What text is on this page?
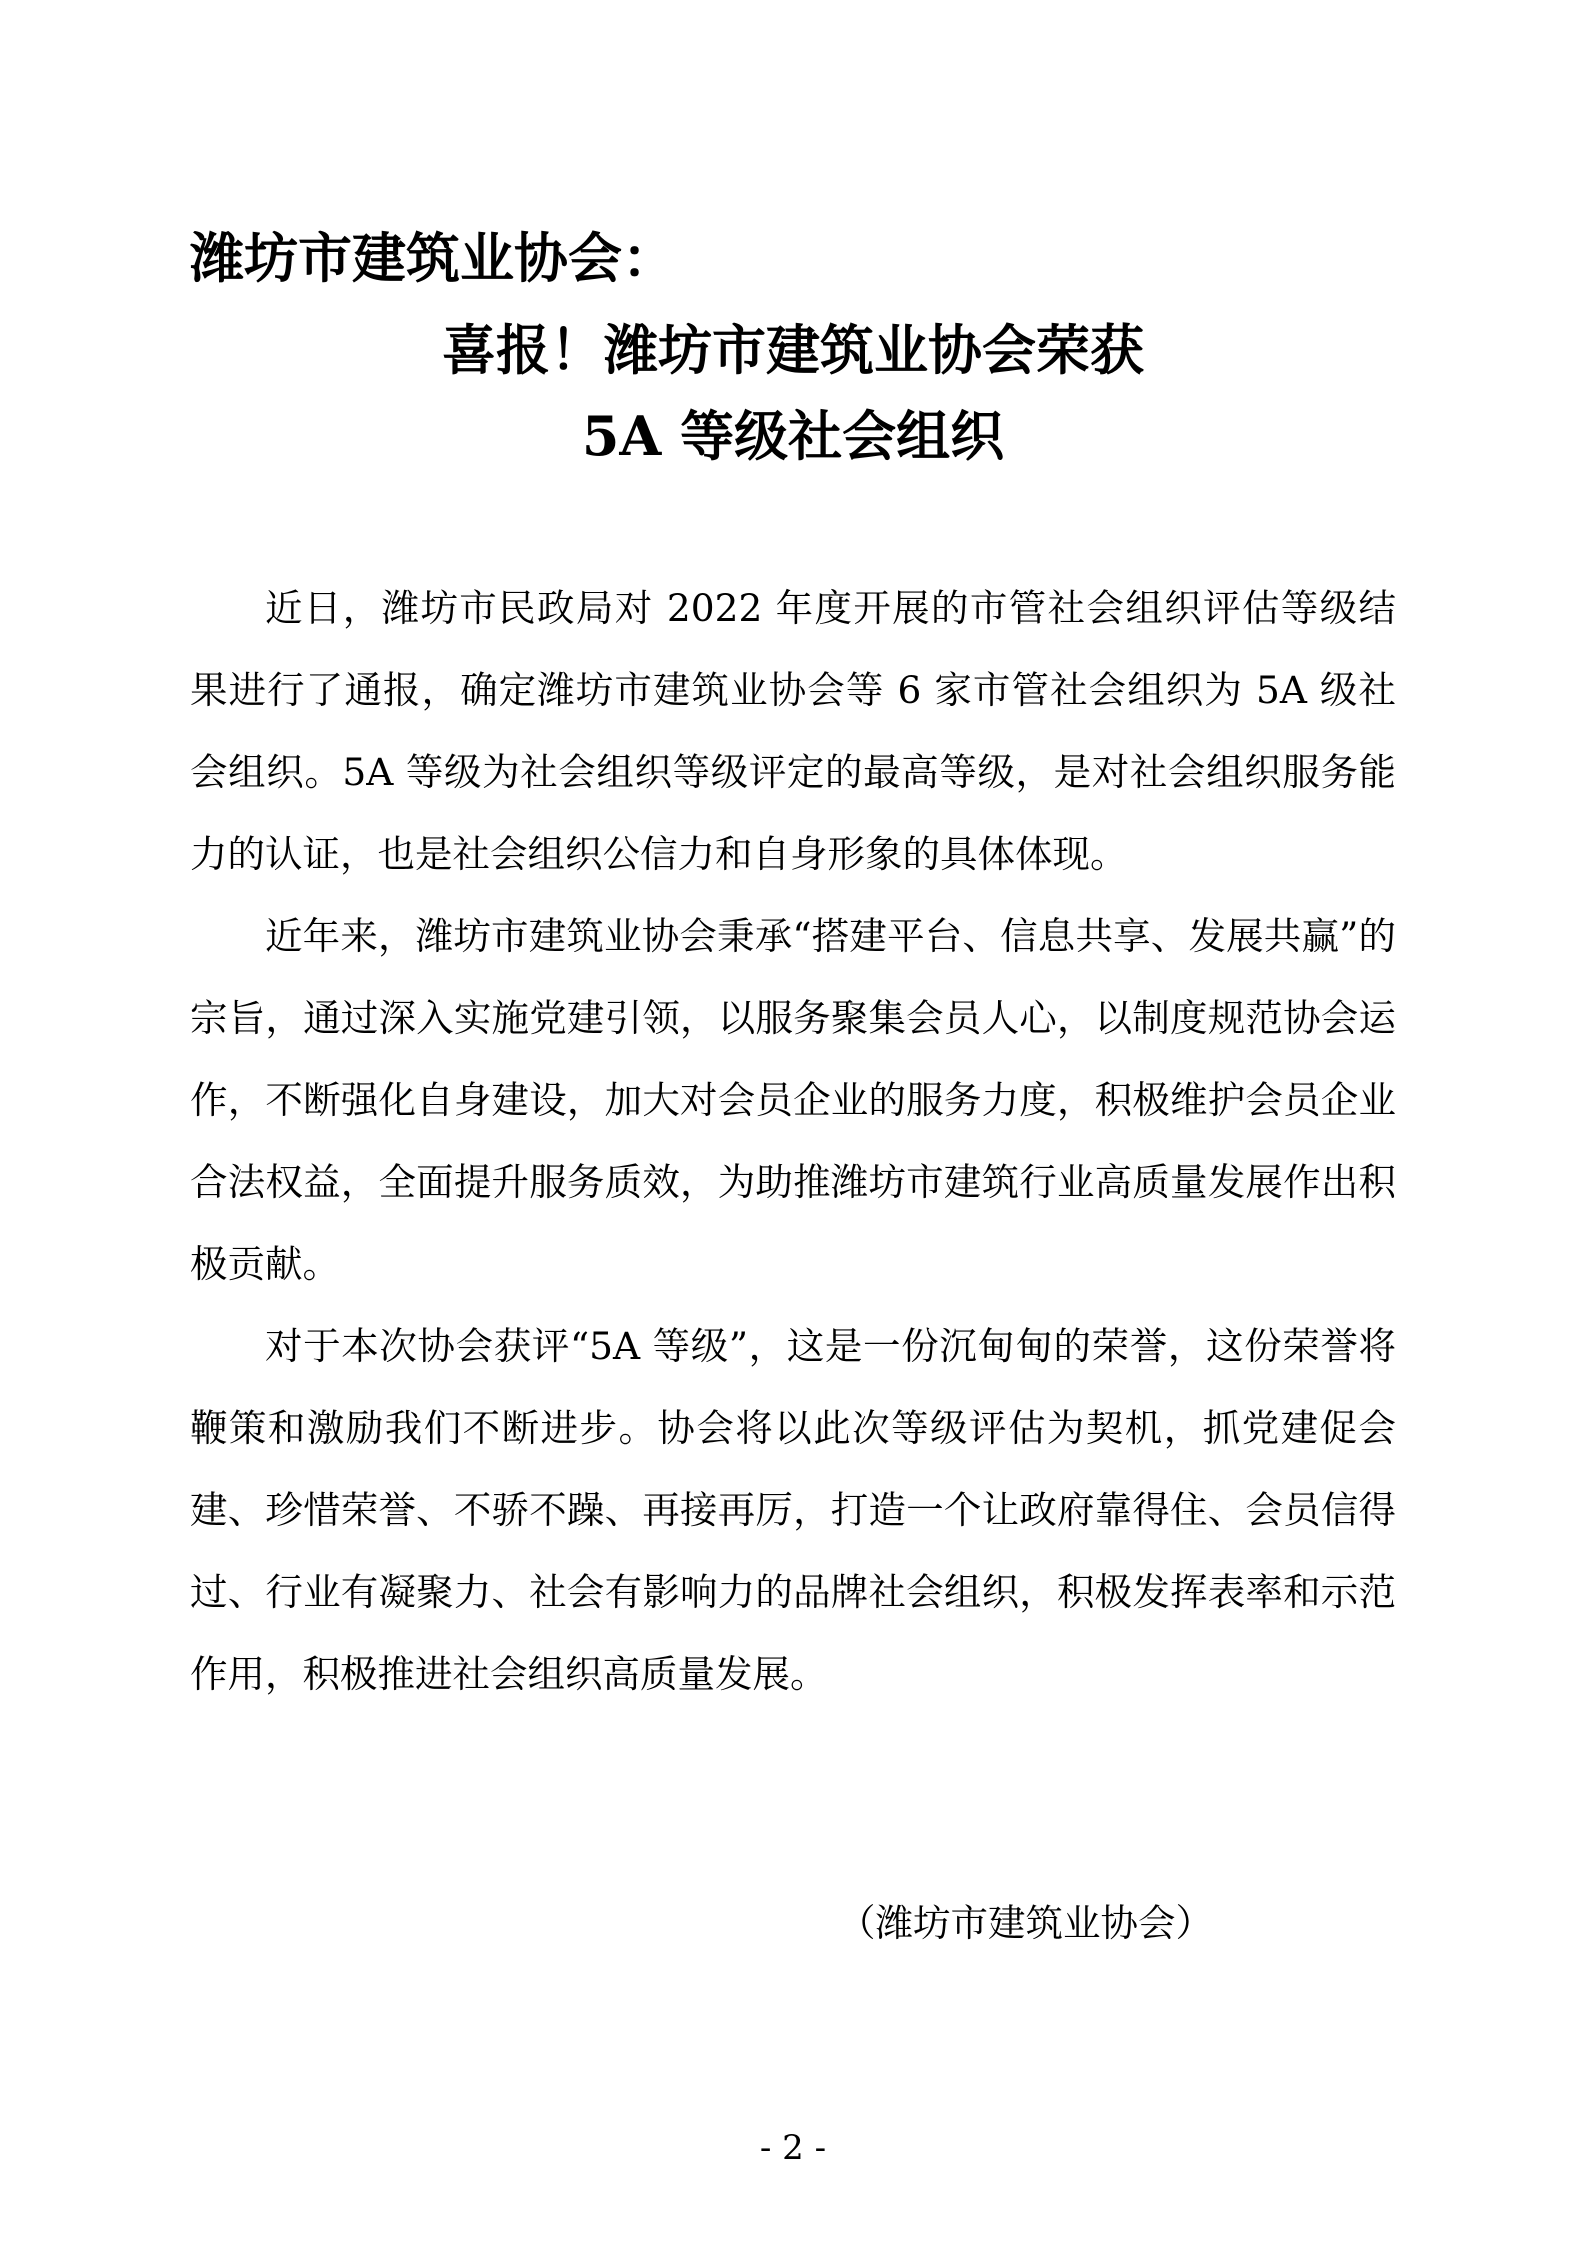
潍坊市建筑业协会：
喜报！潍坊市建筑业协会荣获
5A 等级社会组织

近日，潍坊市民政局对 2022 年度开展的市管社会组织评估等级结果进行了通报，确定潍坊市建筑业协会等 6 家市管社会组织为 5A 级社会组织。5A 等级为社会组织等级评定的最高等级，是对社会组织服务能力的认证，也是社会组织公信力和自身形象的具体体现。

近年来，潍坊市建筑业协会秉承“搭建平台、信息共享、发展共赢”的宗旨，通过深入实施党建引领，以服务聚集会员人心，以制度规范协会运作，不断强化自身建设，加大对会员企业的服务力度，积极维护会员企业合法权益，全面提升服务质效，为助推潍坊市建筑行业高质量发展作出积极贡献。

对于本次协会获评“5A 等级”，这是一份沉甸甸的荣誉，这份荣誉将鞭策和激励我们不断进步。协会将以此次等级评估为契机，抓党建促会建、珍惜荣誉、不骄不躁、再接再厉，打造一个让政府靠得住、会员信得过、行业有凝聚力、社会有影响力的品牌社会组织，积极发挥表率和示范作用，积极推进社会组织高质量发展。

（潍坊市建筑业协会）
- 2 -
